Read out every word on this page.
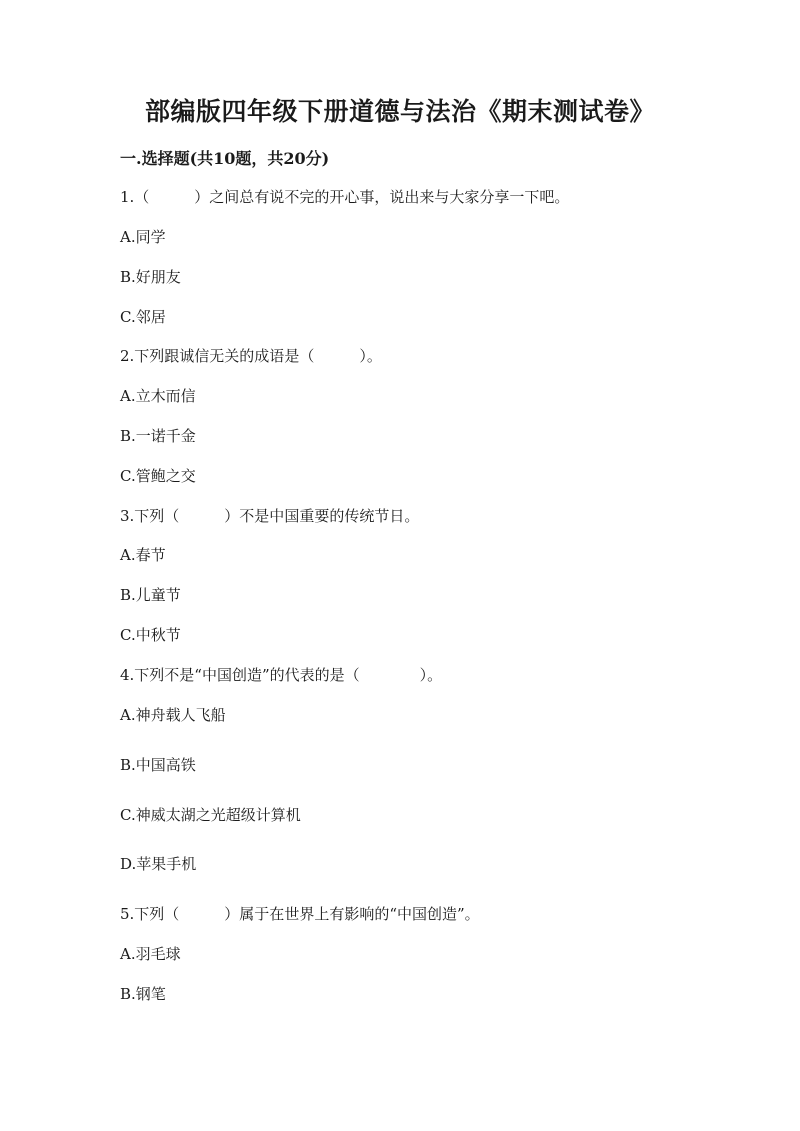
部编版四年级下册道德与法治《期末测试卷》
一.选择题(共10题，共20分)
1.（　　　）之间总有说不完的开心事，说出来与大家分享一下吧。
A.同学
B.好朋友
C.邻居
2.下列跟诚信无关的成语是（　　　）。
A.立木而信
B.一诺千金
C.管鲍之交
3.下列（　　　）不是中国重要的传统节日。
A.春节
B.儿童节
C.中秋节
4.下列不是“中国创造”的代表的是（　　　　）。
A.神舟载人飞船
B.中国高铁
C.神威太湖之光超级计算机
D.苹果手机
5.下列（　　　）属于在世界上有影响的“中国创造”。
A.羽毛球
B.钢笔
